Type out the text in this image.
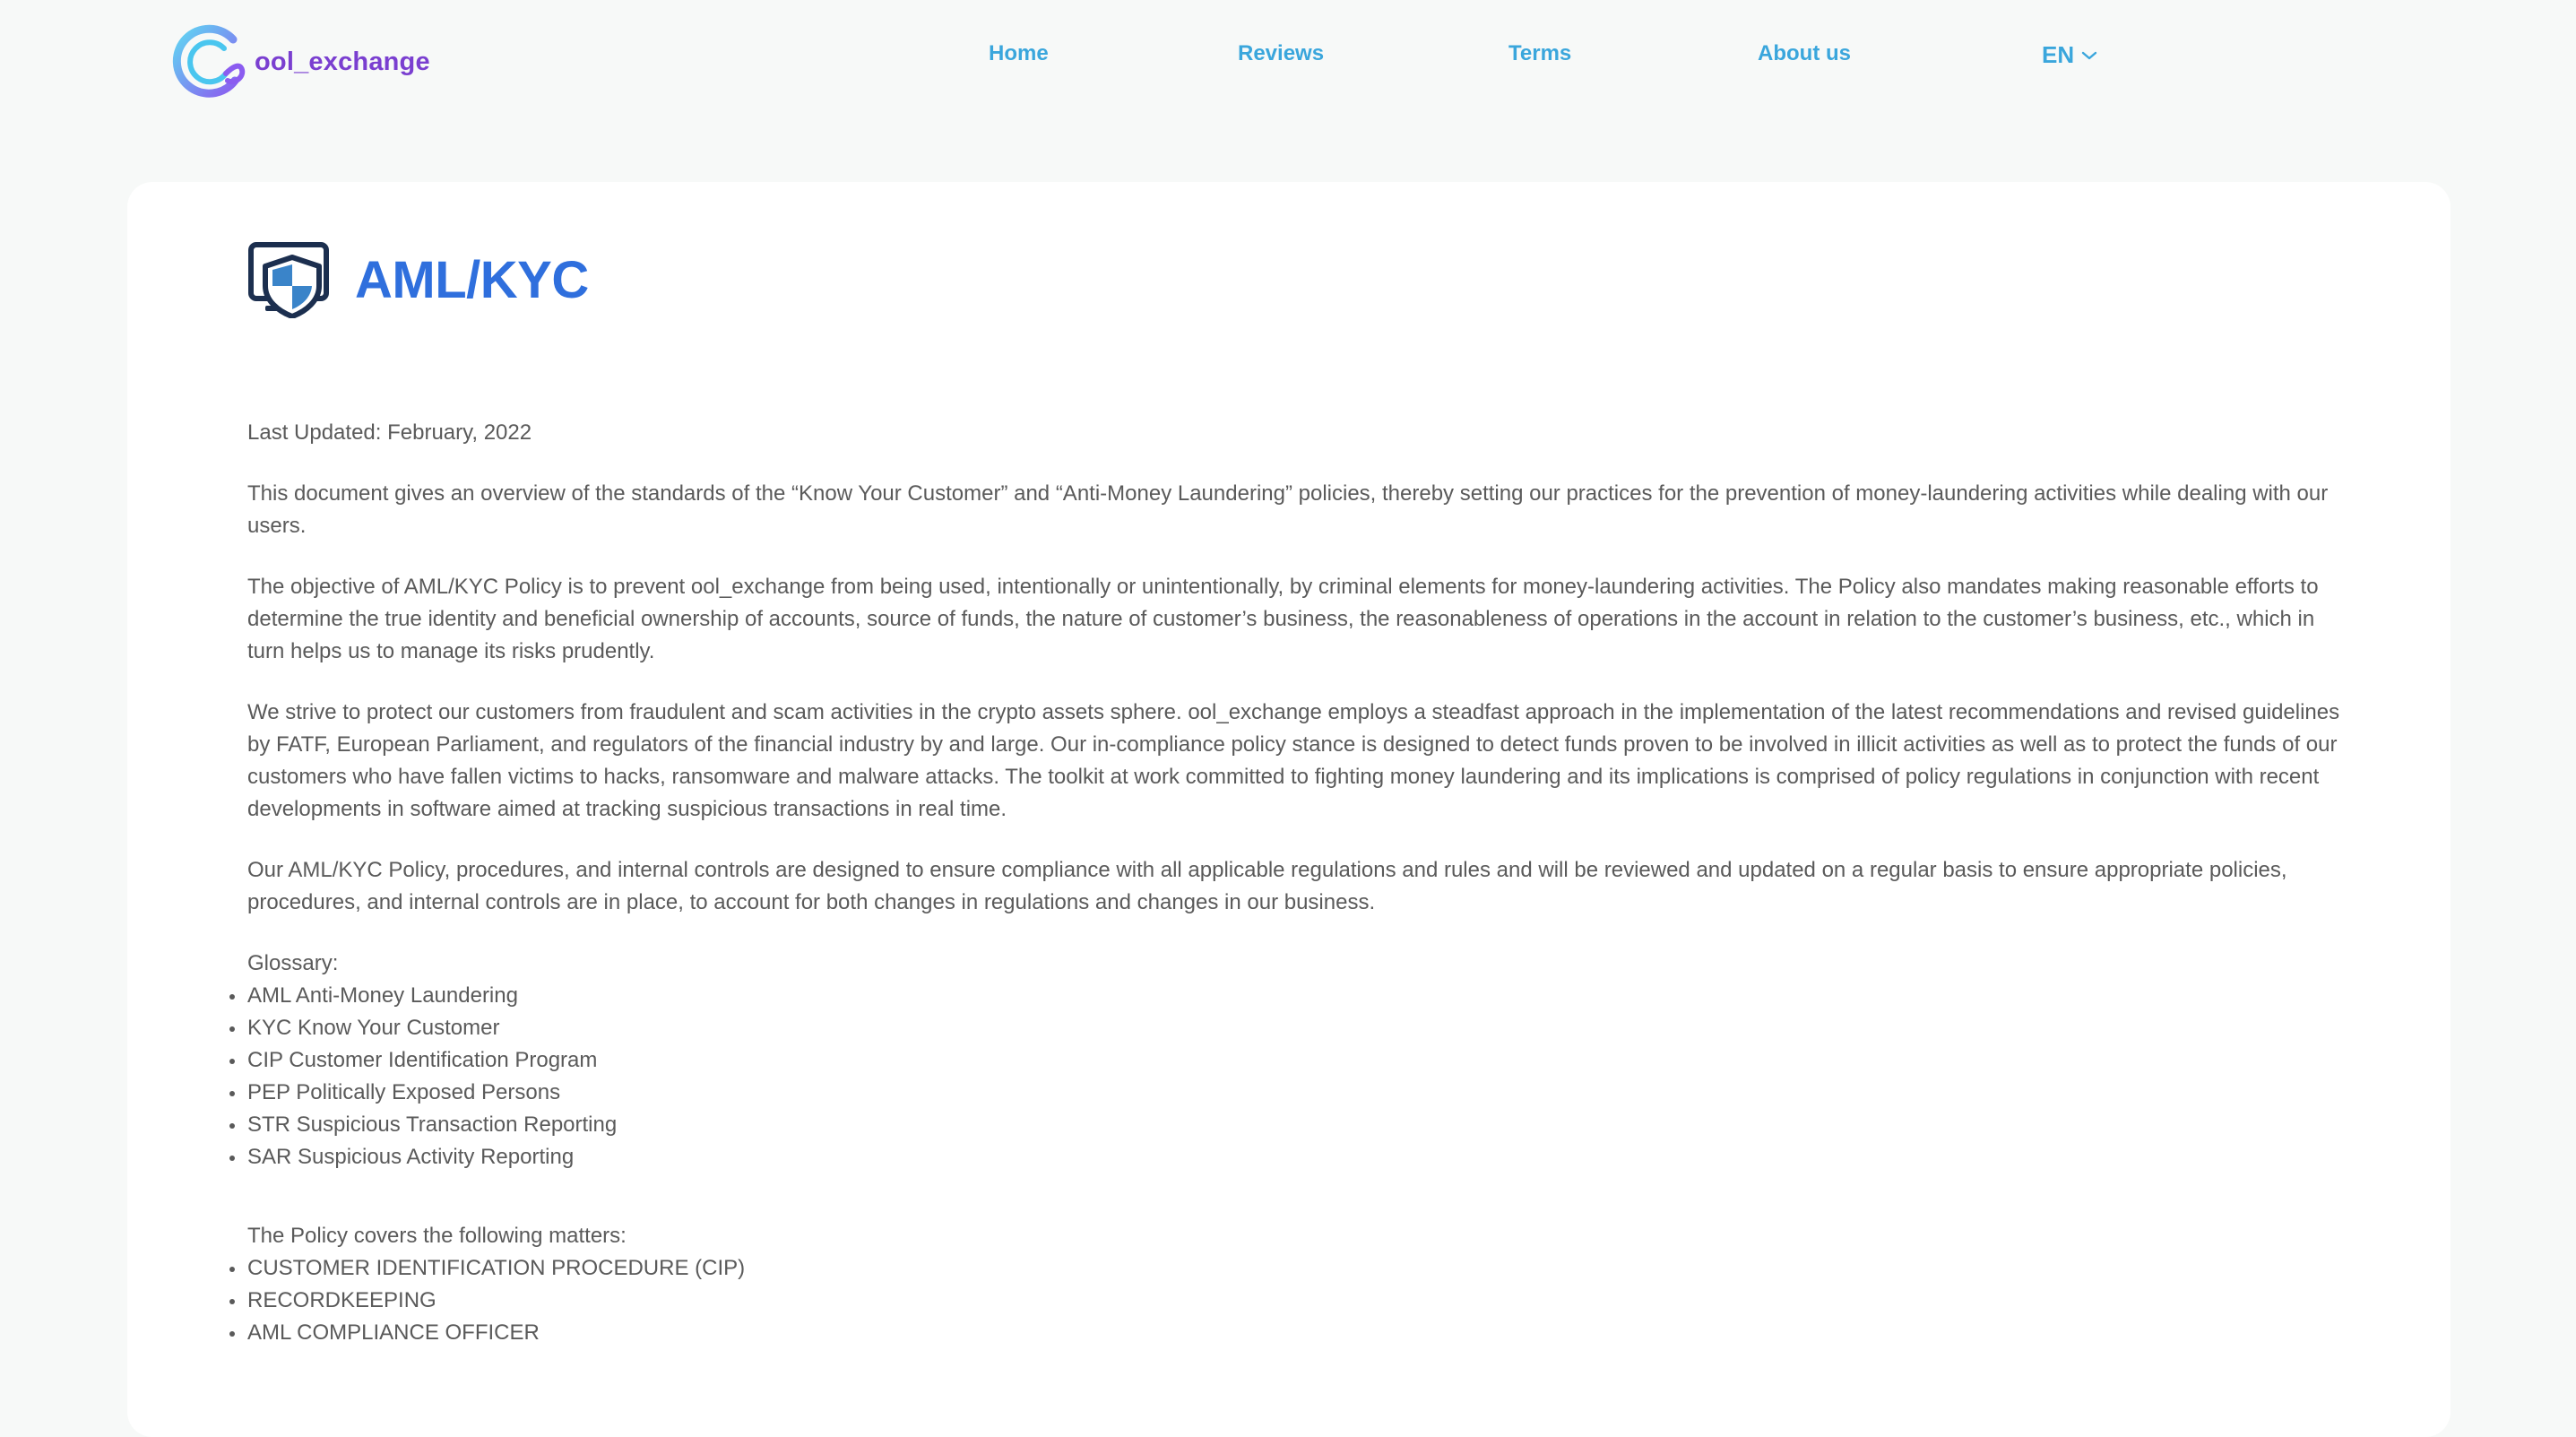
ool_exchange	Home	Reviews	Terms	About us	EN
AML/KYC

Last Updated: February, 2022

This document gives an overview of the standards of the “Know Your Customer” and “Anti-Money Laundering” policies, thereby setting our practices for the prevention of money-laundering activities while dealing with our users.

The objective of AML/KYC Policy is to prevent ool_exchange from being used, intentionally or unintentionally, by criminal elements for money-laundering activities. The Policy also mandates making reasonable efforts to determine the true identity and beneficial ownership of accounts, source of funds, the nature of customer’s business, the reasonableness of operations in the account in relation to the customer’s business, etc., which in turn helps us to manage its risks prudently.

We strive to protect our customers from fraudulent and scam activities in the crypto assets sphere. ool_exchange employs a steadfast approach in the implementation of the latest recommendations and revised guidelines by FATF, European Parliament, and regulators of the financial industry by and large. Our in-compliance policy stance is designed to detect funds proven to be involved in illicit activities as well as to protect the funds of our customers who have fallen victims to hacks, ransomware and malware attacks. The toolkit at work committed to fighting money laundering and its implications is comprised of policy regulations in conjunction with recent developments in software aimed at tracking suspicious transactions in real time.

Our AML/KYC Policy, procedures, and internal controls are designed to ensure compliance with all applicable regulations and rules and will be reviewed and updated on a regular basis to ensure appropriate policies, procedures, and internal controls are in place, to account for both changes in regulations and changes in our business.

Glossary:

AML Anti-Money Laundering
KYC Know Your Customer
CIP Customer Identification Program
PEP Politically Exposed Persons
STR Suspicious Transaction Reporting
SAR Suspicious Activity Reporting

The Policy covers the following matters:

CUSTOMER IDENTIFICATION PROCEDURE (CIP)
RECORDKEEPING
AML COMPLIANCE OFFICER
